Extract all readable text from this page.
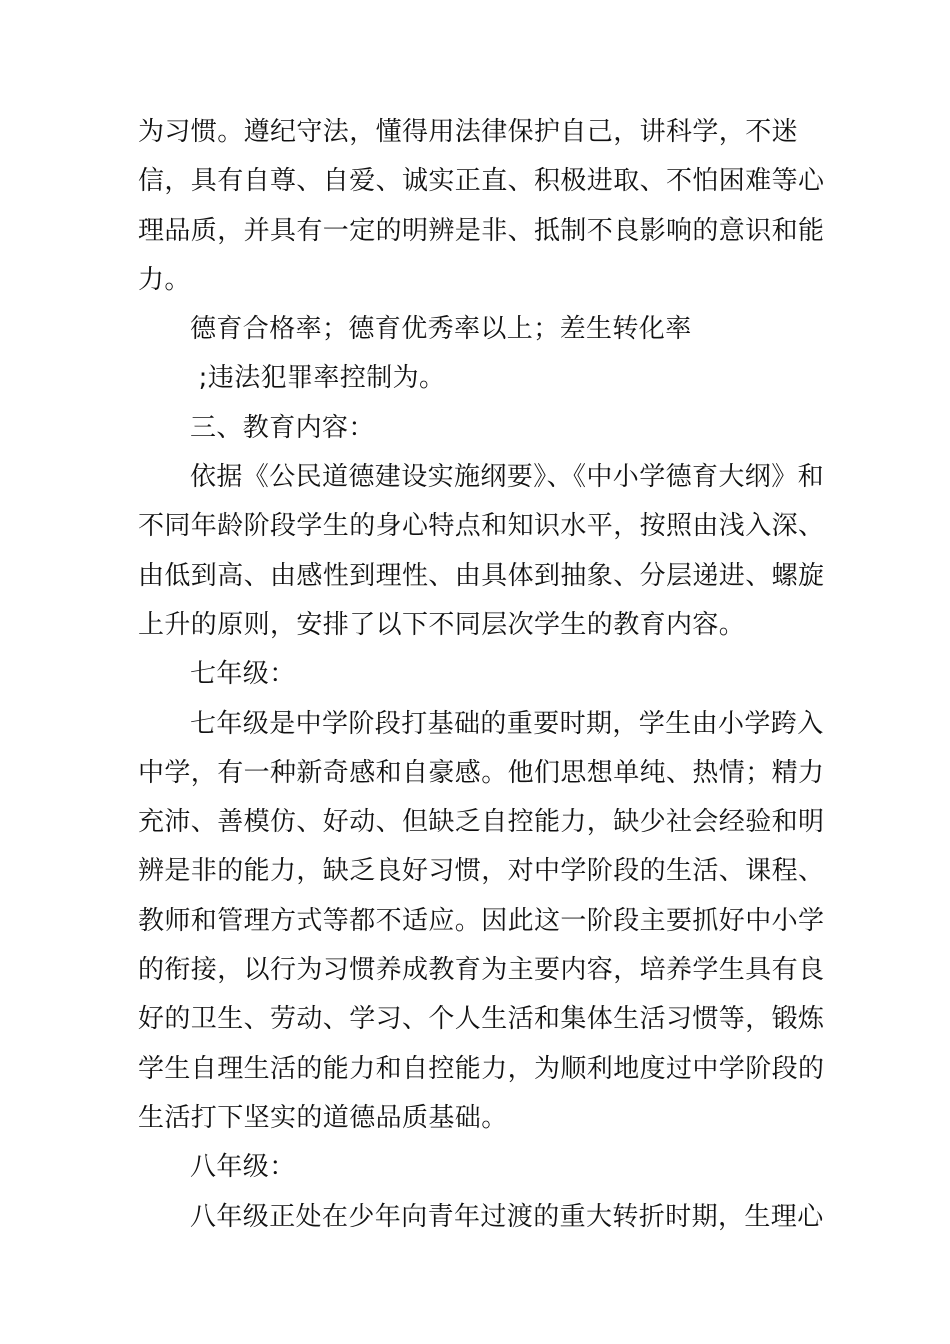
为习惯。遵纪守法，懂得用法律保护自己，讲科学，不迷信，具有自尊、自爱、诚实正直、积极进取、不怕困难等心理品质，并具有一定的明辨是非、抵制不良影响的意识和能力。

德育合格率；德育优秀率以上；差生转化率

;违法犯罪率控制为。

三、教育内容：

依据《公民道德建设实施纲要》、《中小学德育大纲》和不同年龄阶段学生的身心特点和知识水平，按照由浅入深、由低到高、由感性到理性、由具体到抽象、分层递进、螺旋上升的原则，安排了以下不同层次学生的教育内容。

七年级：

七年级是中学阶段打基础的重要时期，学生由小学跨入中学，有一种新奇感和自豪感。他们思想单纯、热情；精力充沛、善模仿、好动、但缺乏自控能力，缺少社会经验和明辨是非的能力，缺乏良好习惯，对中学阶段的生活、课程、教师和管理方式等都不适应。因此这一阶段主要抓好中小学的衔接，以行为习惯养成教育为主要内容，培养学生具有良好的卫生、劳动、学习、个人生活和集体生活习惯等，锻炼学生自理生活的能力和自控能力，为顺利地度过中学阶段的生活打下坚实的道德品质基础。

八年级：

八年级正处在少年向青年过渡的重大转折时期，生理心
